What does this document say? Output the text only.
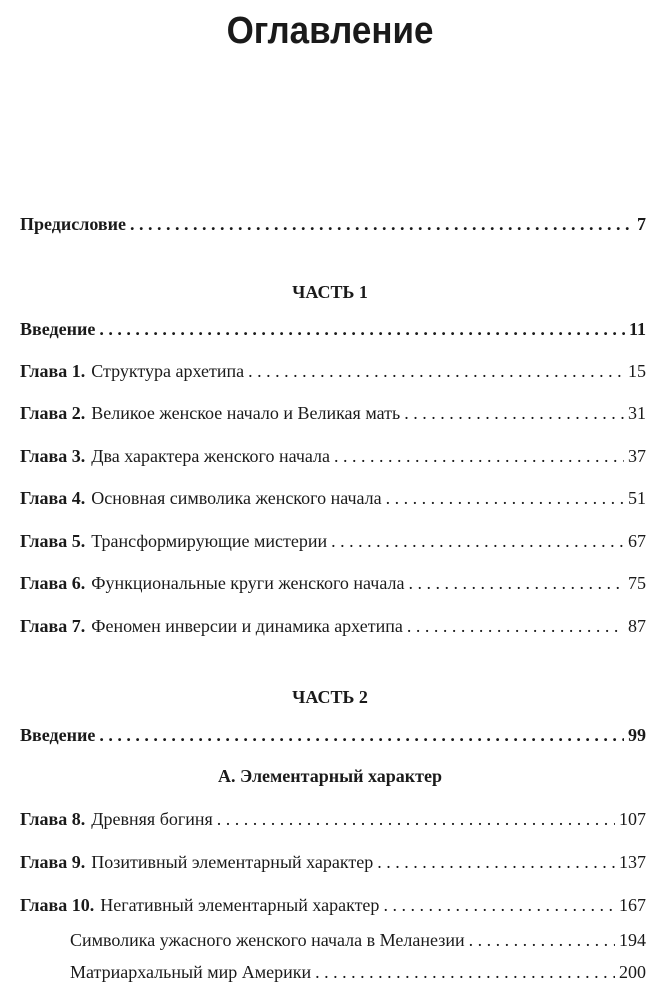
Оглавление
Предисловие . . .	7
ЧАСТЬ 1
Введение . . .	11
Глава 1. Структура архетипа . . .	15
Глава 2. Великое женское начало и Великая мать . . .	31
Глава 3. Два характера женского начала . . .	37
Глава 4. Основная символика женского начала . . .	51
Глава 5. Трансформирующие мистерии . . .	67
Глава 6. Функциональные круги женского начала . . .	75
Глава 7. Феномен инверсии и динамика архетипа . . .	87
ЧАСТЬ 2
Введение . . .	99
А. Элементарный характер
Глава 8. Древняя богиня . . .	107
Глава 9. Позитивный элементарный характер . . .	137
Глава 10. Негативный элементарный характер . . .	167
Символика ужасного женского начала в Меланезии . . .	194
Матриархальный мир Америки . . .	200
